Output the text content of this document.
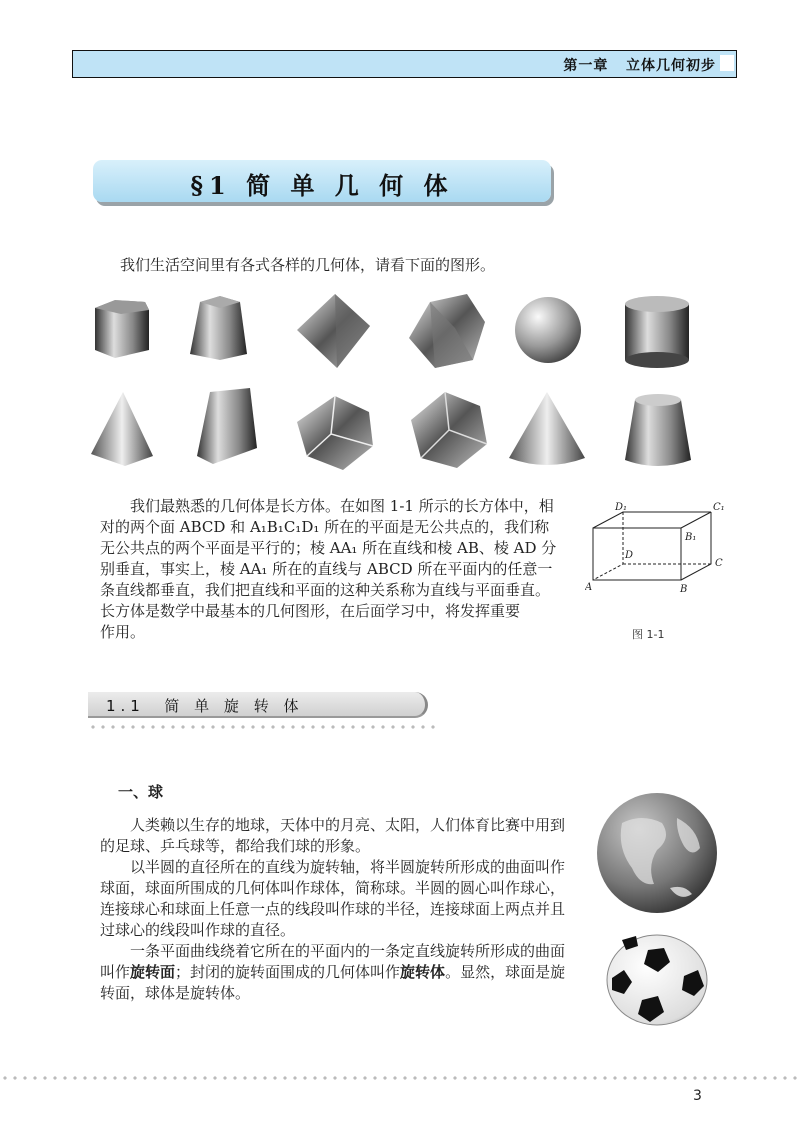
第一章 立体几何初步
§1 简 单 几 何 体

我们生活空间里有各式各样的几何体，请看下面的图形。

我们最熟悉的几何体是长方体。在如图 1-1 所示的长方体中，相

对的两个面 ABCD 和 A₁B₁C₁D₁ 所在的平面是无公共点的，我们称

无公共点的两个平面是平行的；棱 AA₁ 所在直线和棱 AB、棱 AD 分

别垂直，事实上，棱 AA₁ 所在的直线与 ABCD 所在平面内的任意一

条直线都垂直，我们把直线和平面的这种关系称为直线与平面垂直。

长方体是数学中最基本的几何图形，在后面学习中，将发挥重要

作用。

D₁	C₁
B₁
D
C
A	B
图 1-1
1.1  简 单 旋 转 体
一、球

人类赖以生存的地球，天体中的月亮、太阳，人们体育比赛中用到的足球、乒乓球等，都给我们球的形象。

以半圆的直径所在的直线为旋转轴，将半圆旋转所形成的曲面叫作球面，球面所围成的几何体叫作球体，简称球。半圆的圆心叫作球心，连接球心和球面上任意一点的线段叫作球的半径，连接球面上两点并且过球心的线段叫作球的直径。

一条平面曲线绕着它所在的平面内的一条定直线旋转所形成的曲面叫作旋转面；封闭的旋转面围成的几何体叫作旋转体。显然，球面是旋转面，球体是旋转体。

3
